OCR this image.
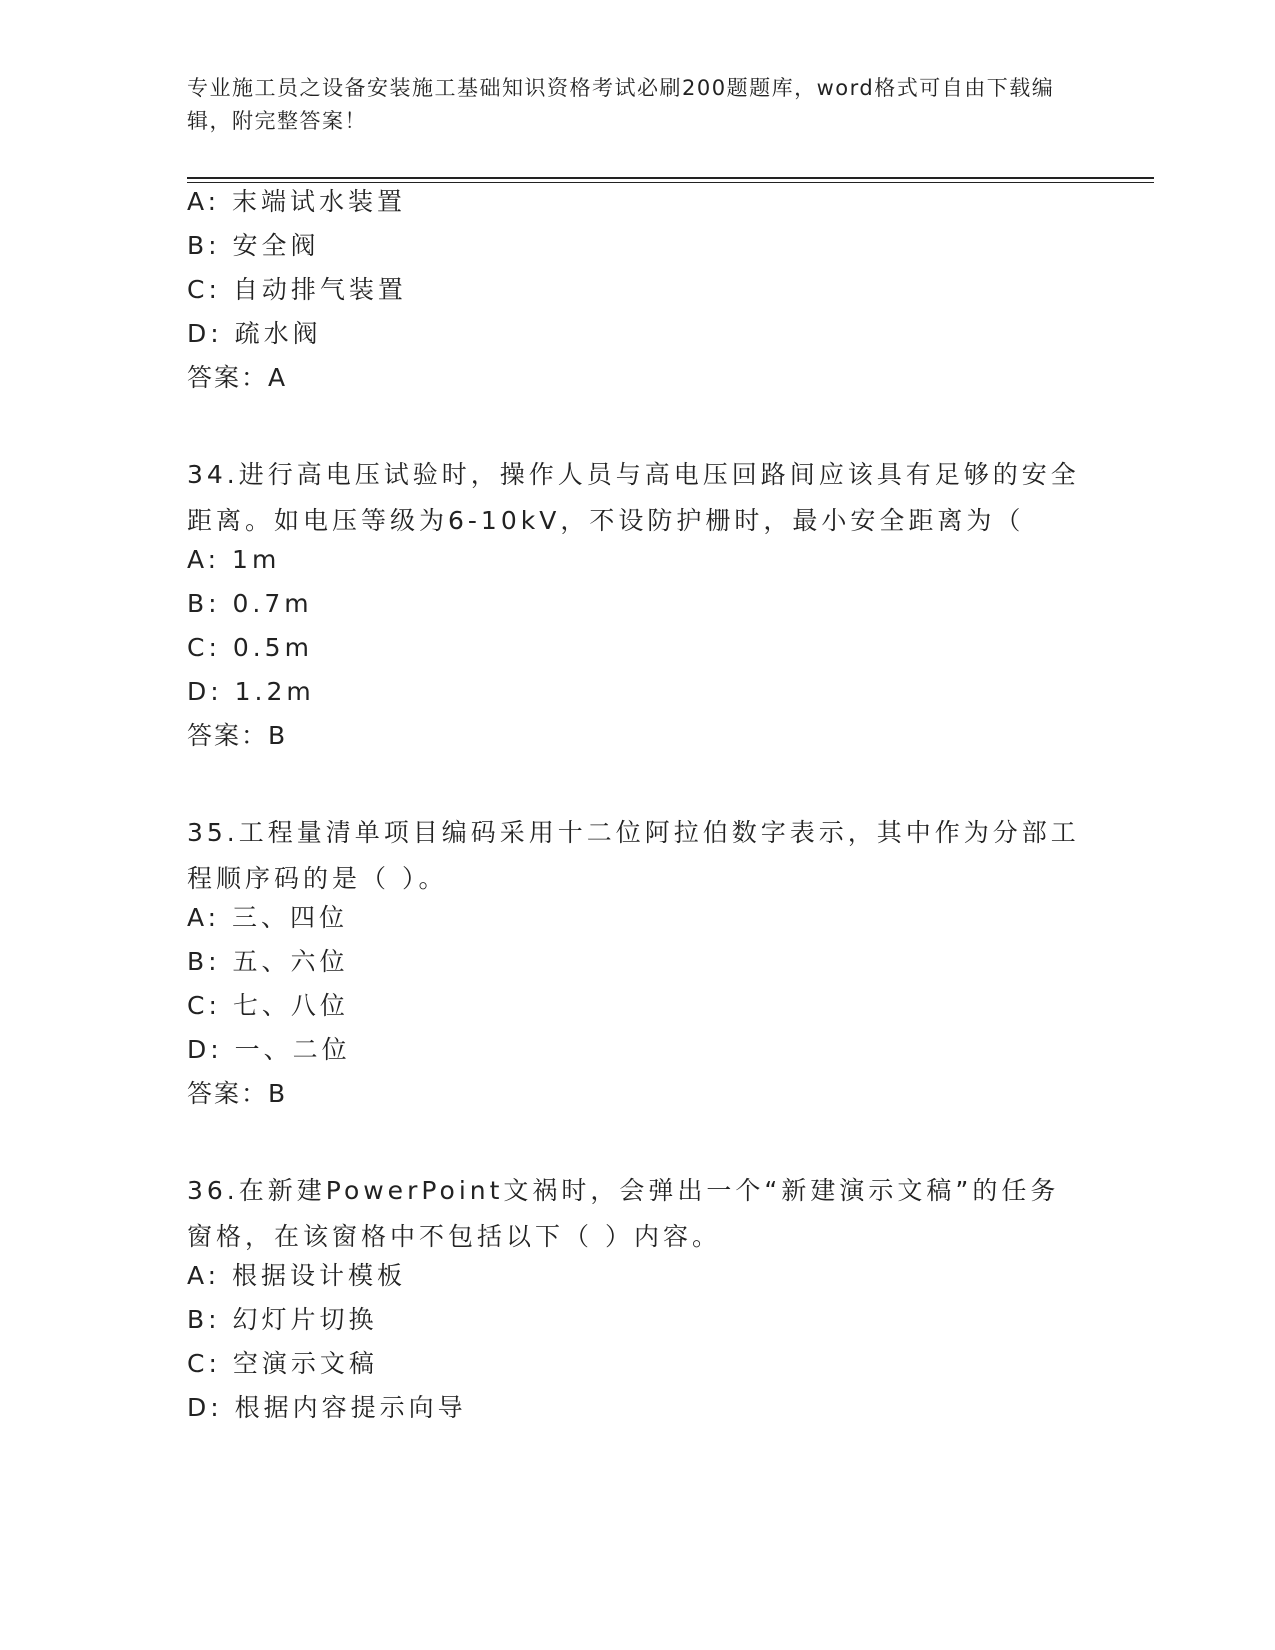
专业施工员之设备安装施工基础知识资格考试必刷200题题库，word格式可自由下载编辑，附完整答案！
A: 末端试水装置
B: 安全阀
C: 自动排气装置
D: 疏水阀
答案：A
34.进行高电压试验时，操作人员与高电压回路间应该具有足够的安全距离。如电压等级为6-10kV，不设防护栅时，最小安全距离为（
A: 1m
B: 0.7m
C: 0.5m
D: 1.2m
答案：B
35.工程量清单项目编码采用十二位阿拉伯数字表示，其中作为分部工程顺序码的是（ ）。
A: 三、四位
B: 五、六位
C: 七、八位
D: 一、二位
答案：B
36.在新建PowerPoint文祸时，会弹出一个“新建演示文稿”的任务窗格，在该窗格中不包括以下（ ）内容。
A: 根据设计模板
B: 幻灯片切换
C: 空演示文稿
D: 根据内容提示向导
